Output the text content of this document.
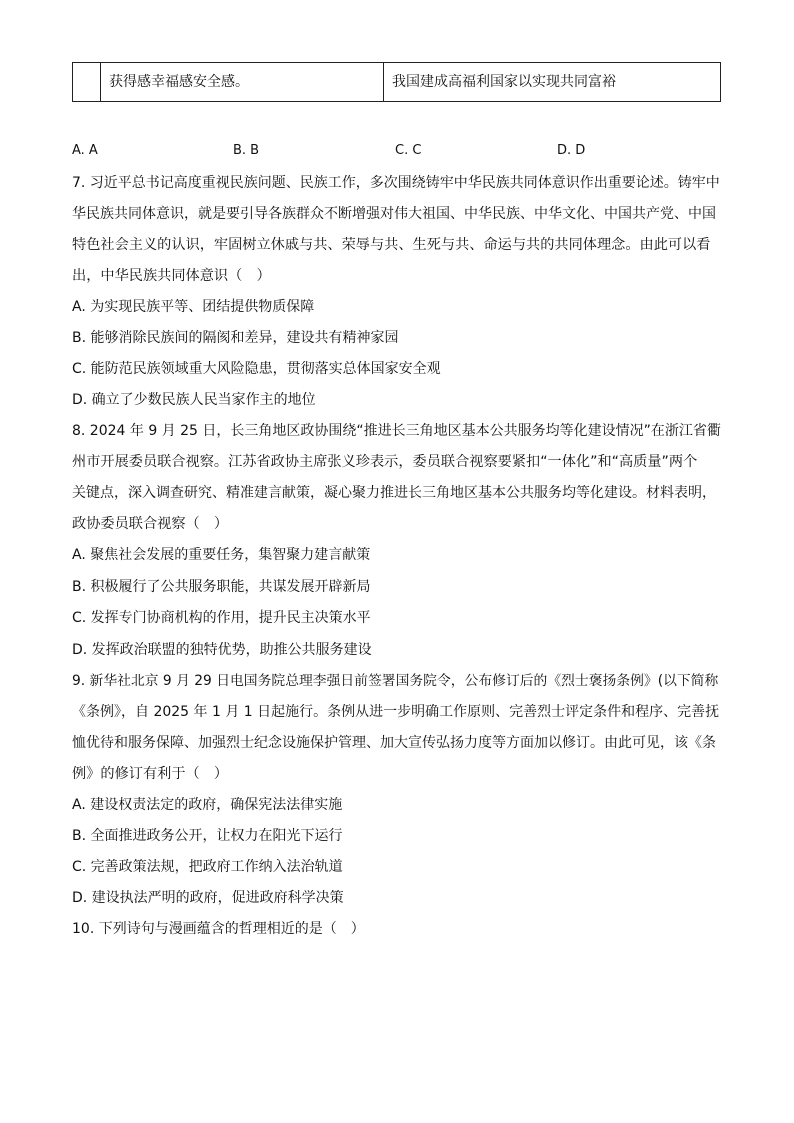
获得感幸福感安全感。	我国建成高福利国家以实现共同富裕
A. A	B. B	C. C	D. D
7. 习近平总书记高度重视民族问题、民族工作，多次围绕铸牢中华民族共同体意识作出重要论述。铸牢中
华民族共同体意识，就是要引导各族群众不断增强对伟大祖国、中华民族、中华文化、中国共产党、中国
特色社会主义的认识，牢固树立休戚与共、荣辱与共、生死与共、命运与共的共同体理念。由此可以看
出，中华民族共同体意识（　）
A. 为实现民族平等、团结提供物质保障
B. 能够消除民族间的隔阂和差异，建设共有精神家园
C. 能防范民族领域重大风险隐患，贯彻落实总体国家安全观
D. 确立了少数民族人民当家作主的地位
8. 2024 年 9 月 25 日，长三角地区政协围绕“推进长三角地区基本公共服务均等化建设情况”在浙江省衢
州市开展委员联合视察。江苏省政协主席张义珍表示，委员联合视察要紧扣“一体化”和“高质量”两个
关键点，深入调查研究、精准建言献策，凝心聚力推进长三角地区基本公共服务均等化建设。材料表明，
政协委员联合视察（　）
A. 聚焦社会发展的重要任务，集智聚力建言献策
B. 积极履行了公共服务职能，共谋发展开辟新局
C. 发挥专门协商机构的作用，提升民主决策水平
D. 发挥政治联盟的独特优势，助推公共服务建设
9. 新华社北京 9 月 29 日电国务院总理李强日前签署国务院令，公布修订后的《烈士褒扬条例》(以下简称
《条例》，自 2025 年 1 月 1 日起施行。条例从进一步明确工作原则、完善烈士评定条件和程序、完善抚
恤优待和服务保障、加强烈士纪念设施保护管理、加大宣传弘扬力度等方面加以修订。由此可见，该《条
例》的修订有利于（　）
A. 建设权责法定的政府，确保宪法法律实施
B. 全面推进政务公开，让权力在阳光下运行
C. 完善政策法规，把政府工作纳入法治轨道
D. 建设执法严明的政府，促进政府科学决策
10. 下列诗句与漫画蕴含的哲理相近的是（　）
